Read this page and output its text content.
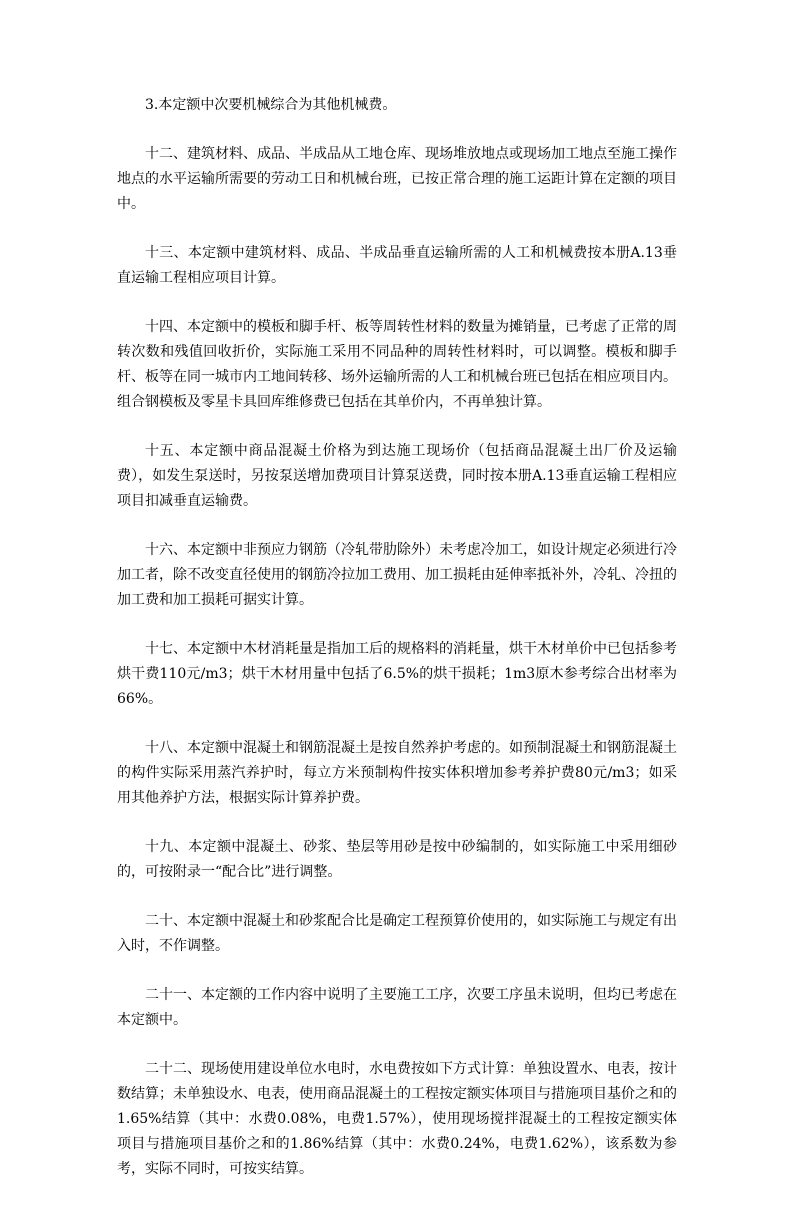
3.本定额中次要机械综合为其他机械费。

十二、建筑材料、成品、半成品从工地仓库、现场堆放地点或现场加工地点至施工操作地点的水平运输所需要的劳动工日和机械台班，已按正常合理的施工运距计算在定额的项目中。

十三、本定额中建筑材料、成品、半成品垂直运输所需的人工和机械费按本册A.13垂直运输工程相应项目计算。

十四、本定额中的模板和脚手杆、板等周转性材料的数量为摊销量，已考虑了正常的周转次数和残值回收折价，实际施工采用不同品种的周转性材料时，可以调整。模板和脚手杆、板等在同一城市内工地间转移、场外运输所需的人工和机械台班已包括在相应项目内。组合钢模板及零星卡具回库维修费已包括在其单价内，不再单独计算。

十五、本定额中商品混凝土价格为到达施工现场价（包括商品混凝土出厂价及运输费），如发生泵送时，另按泵送增加费项目计算泵送费，同时按本册A.13垂直运输工程相应项目扣减垂直运输费。

十六、本定额中非预应力钢筋（冷轧带肋除外）未考虑冷加工，如设计规定必须进行冷加工者，除不改变直径使用的钢筋冷拉加工费用、加工损耗由延伸率抵补外，冷轧、冷扭的加工费和加工损耗可据实计算。

十七、本定额中木材消耗量是指加工后的规格料的消耗量，烘干木材单价中已包括参考烘干费110元/m3；烘干木材用量中包括了6.5%的烘干损耗；1m3原木参考综合出材率为66%。

十八、本定额中混凝土和钢筋混凝土是按自然养护考虑的。如预制混凝土和钢筋混凝土的构件实际采用蒸汽养护时，每立方米预制构件按实体积增加参考养护费80元/m3；如采用其他养护方法，根据实际计算养护费。

十九、本定额中混凝土、砂浆、垫层等用砂是按中砂编制的，如实际施工中采用细砂的，可按附录一“配合比”进行调整。

二十、本定额中混凝土和砂浆配合比是确定工程预算价使用的，如实际施工与规定有出入时，不作调整。

二十一、本定额的工作内容中说明了主要施工工序，次要工序虽未说明，但均已考虑在本定额中。

二十二、现场使用建设单位水电时，水电费按如下方式计算：单独设置水、电表，按计数结算；未单独设水、电表，使用商品混凝土的工程按定额实体项目与措施项目基价之和的1.65%结算（其中：水费0.08%，电费1.57%），使用现场搅拌混凝土的工程按定额实体项目与措施项目基价之和的1.86%结算（其中：水费0.24%，电费1.62%），该系数为参考，实际不同时，可按实结算。
